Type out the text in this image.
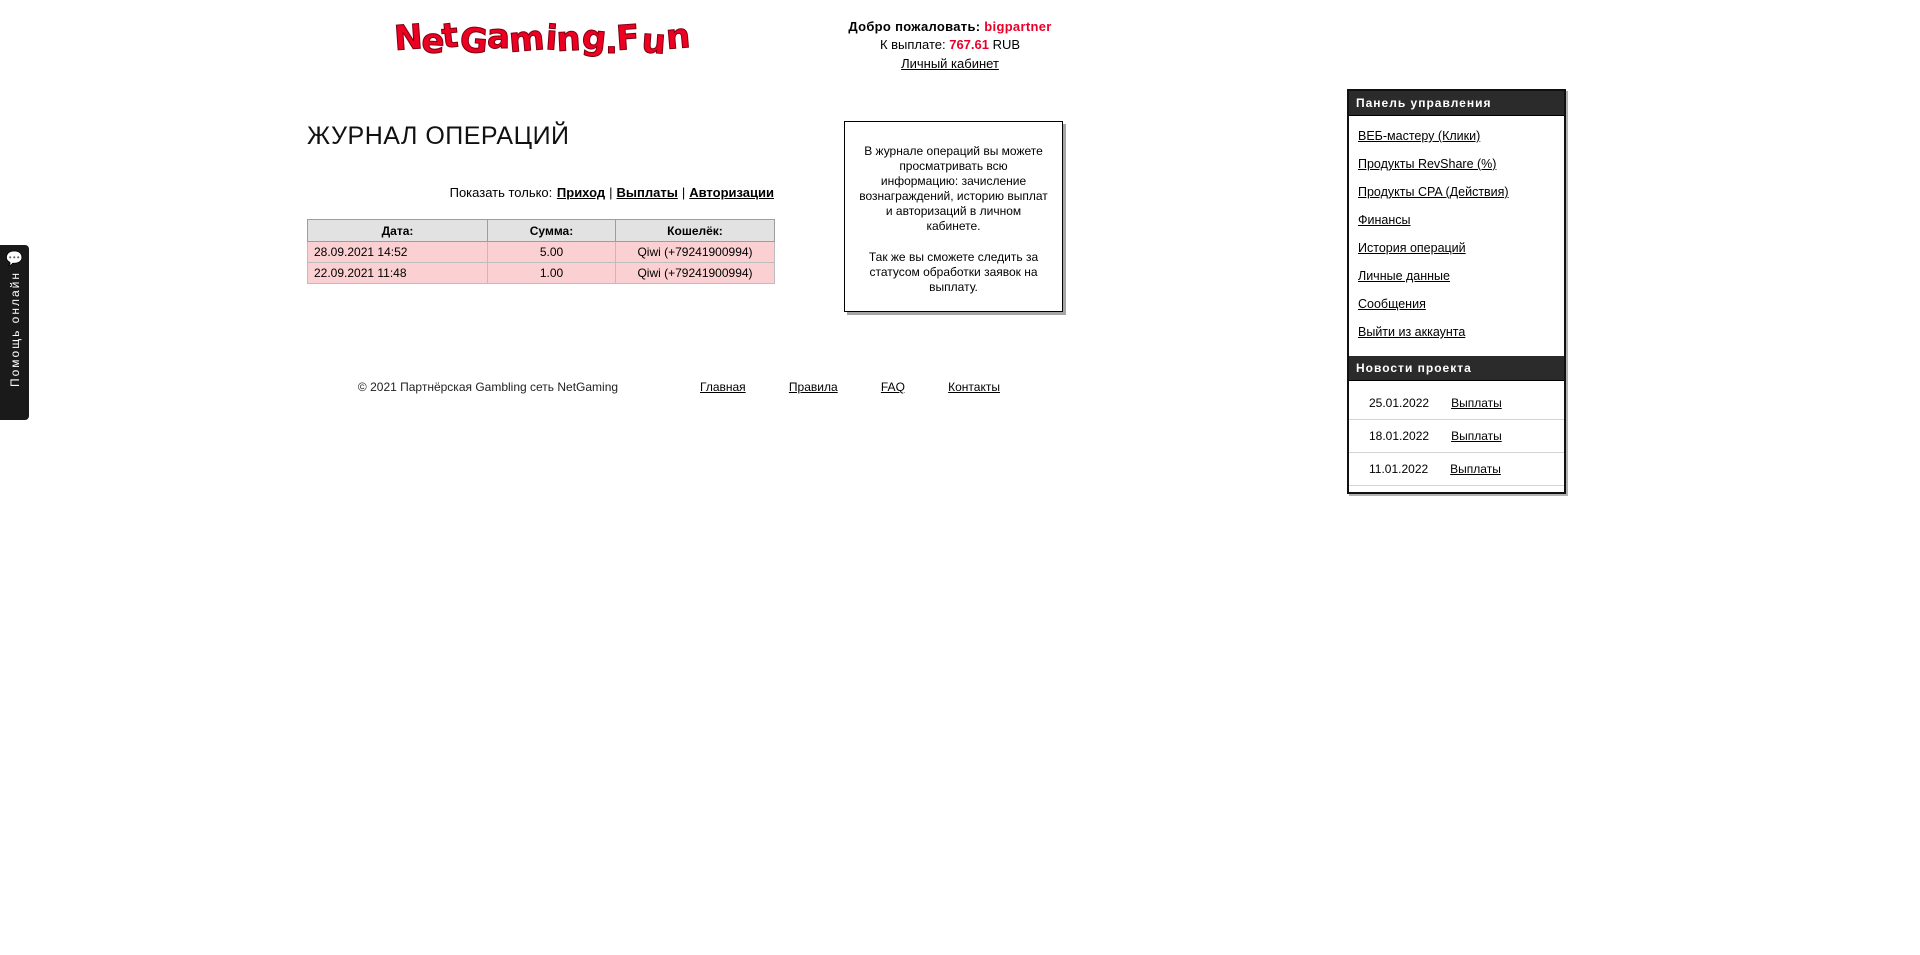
💬
Помощь онлайн
N
e
t
G
a
m
i
n
g
.
F u
n	Добро пожаловать: bigpartner
К выплате: 767.61 RUB
Личный кабинет
ЖУРНАЛ ОПЕРАЦИЙ
Показать только: Приход | Выплаты | Авторизации
Дата:	Сумма:	Кошелёк:
28.09.2021 14:52	5.00	Qiwi (+79241900994)
22.09.2021 11:48	1.00	Qiwi (+79241900994)

В журнале операций вы можете просматривать всю информацию: зачисление вознаграждений, историю выплат и авторизаций в личном кабинете.

Так же вы сможете следить за статусом обработки заявок на выплату.

© 2021 Партнёрская Gambling сеть NetGaming	Главная	Правила	FAQ	Контакты
Панель управления
ВЕБ-мастеру (Клики)
Продукты RevShare (%)
Продукты CPA (Действия)
Финансы
История операций
Личные данные
Сообщения
Выйти из аккаунта
Новости проекта
25.01.2022 Выплаты
18.01.2022 Выплаты
11.01.2022 Выплаты
